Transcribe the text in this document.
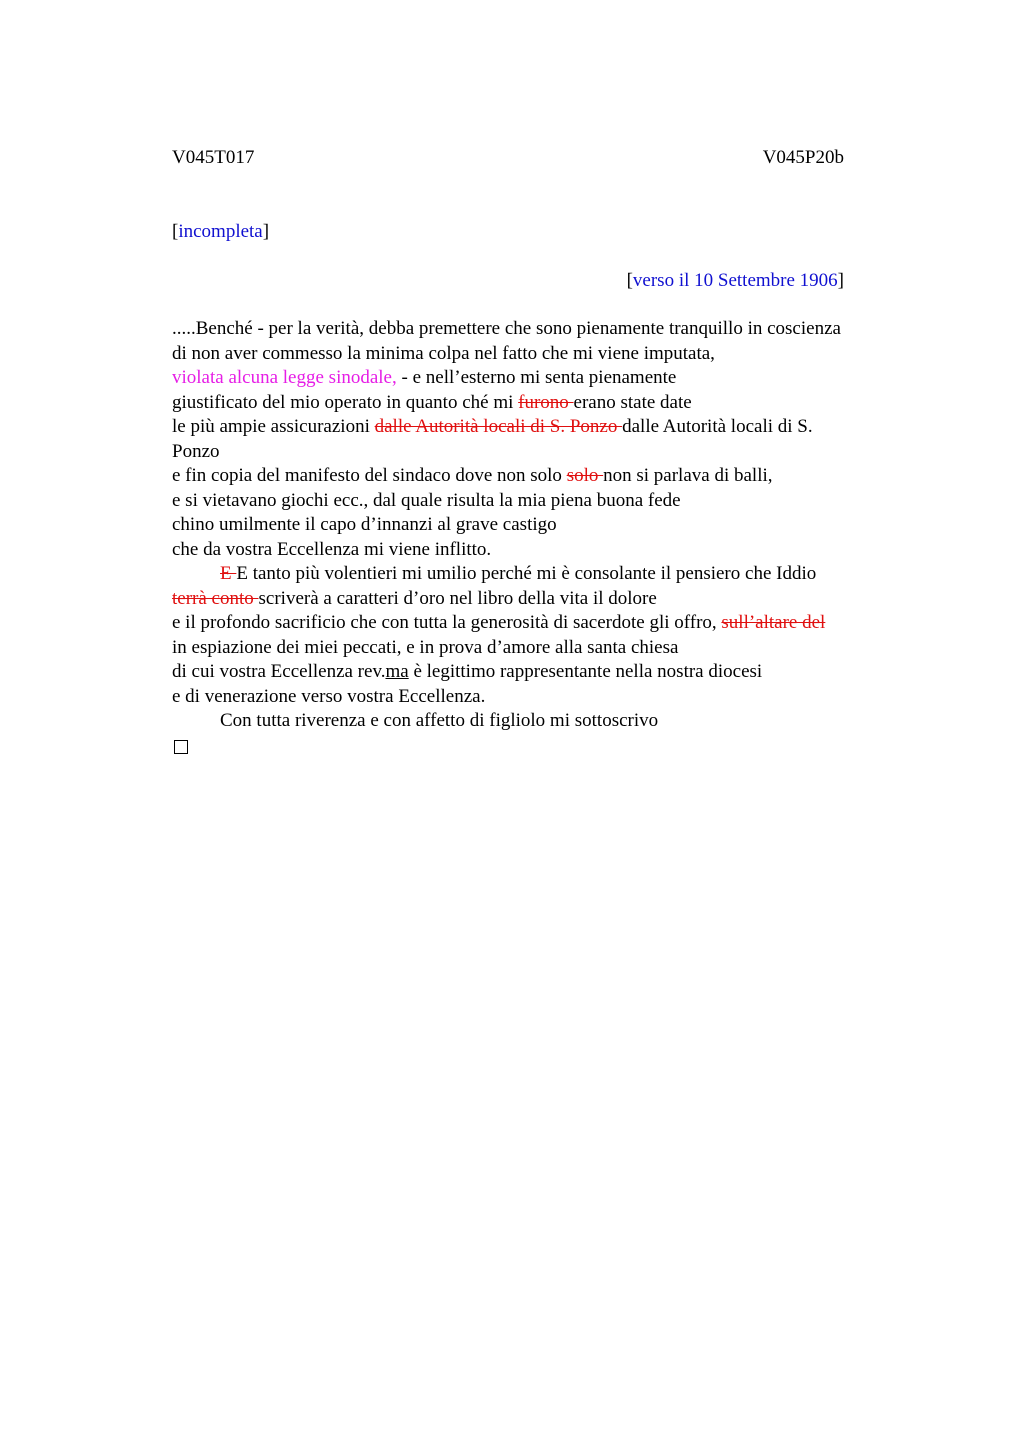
V045T017	V045P20b
[incompleta]
[verso il 10 Settembre 1906]
.....Benché - per la verità, debba premettere che sono pienamente tranquillo in coscienza
di non aver commesso la minima colpa nel fatto che mi viene imputata,
violata alcuna legge sinodale, - e nell’esterno mi senta pienamente
giustificato del mio operato in quanto ché mi furono erano state date
le più ampie assicurazioni dalle Autorità locali di S. Ponzo dalle Autorità locali di S.
Ponzo
e fin copia del manifesto del sindaco dove non solo solo non si parlava di balli,
e si vietavano giochi ecc., dal quale risulta la mia piena buona fede
chino umilmente il capo d’innanzi al grave castigo
che da vostra Eccellenza mi viene inflitto.
E E tanto più volentieri mi umilio perché mi è consolante il pensiero che Iddio
terrà conto scriverà a caratteri d’oro nel libro della vita il dolore
e il profondo sacrificio che con tutta la generosità di sacerdote gli offro, sull’altare del
in espiazione dei miei peccati, e in prova d’amore alla santa chiesa
di cui vostra Eccellenza rev.ma è legittimo rappresentante nella nostra diocesi
e di venerazione verso vostra Eccellenza.
Con tutta riverenza e con affetto di figliolo mi sottoscrivo
